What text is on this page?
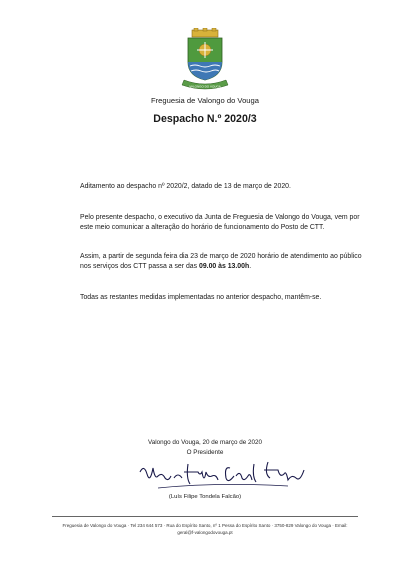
VALONGO DO VOUGA
Freguesia de Valongo do Vouga
Despacho N.º 2020/3
Aditamento ao despacho nº 2020/2, datado de 13 de março de 2020.
Pelo presente despacho, o executivo da Junta de Freguesia de Valongo do Vouga, vem por este meio comunicar a alteração do horário de funcionamento do Posto de CTT.
Assim, a partir de segunda feira dia 23 de março de 2020 horário de atendimento ao público nos serviços dos CTT passa a ser das 09.00 às 13.00h.
Todas as restantes medidas implementadas no anterior despacho, mantêm-se.
Valongo do Vouga, 20 de março de 2020
O Presidente
(Luís Filipe Tondela Falcão)
Freguesia de Valongo do Vouga · Tel 234 644 573 · Rua do Espírito Santo, nº 1 Pessa do Espírito Santo · 3750-829 Valongo do Vouga · Email:
geral@f-valongodovouga.pt
